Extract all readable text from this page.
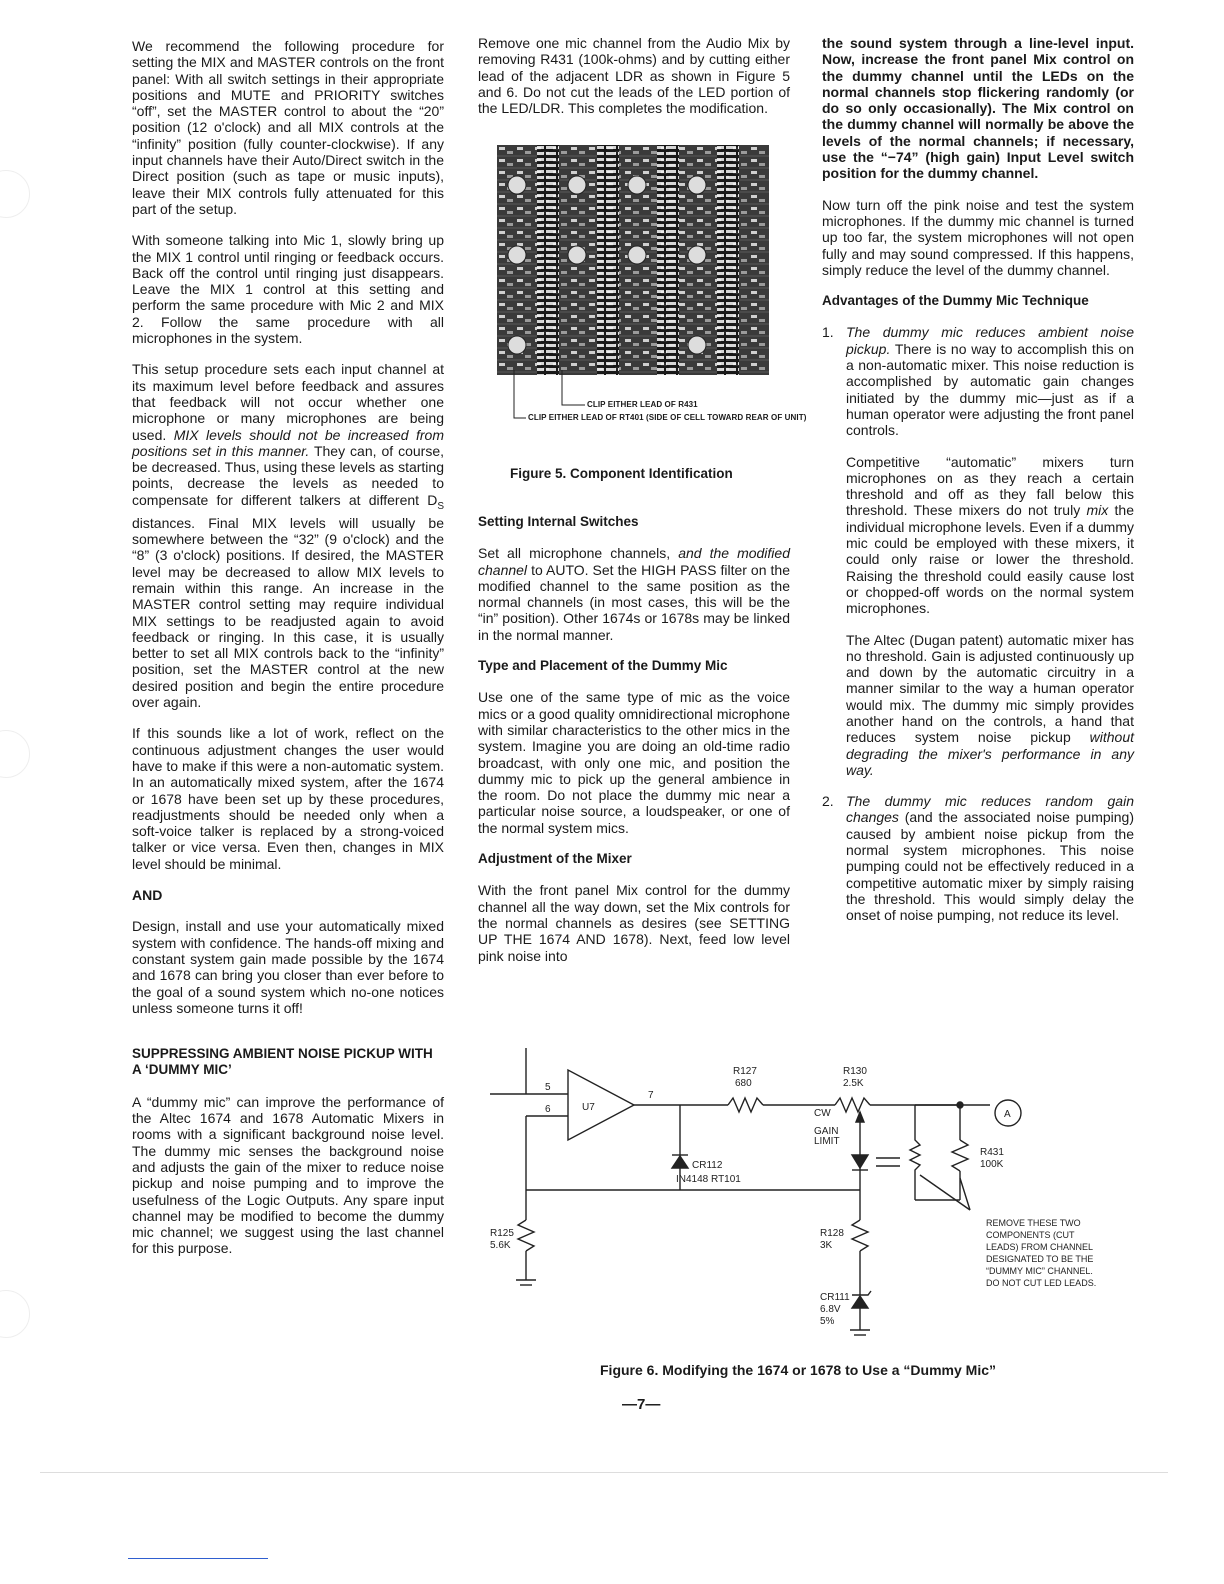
We recommend the following procedure for setting the MIX and MASTER controls on the front panel: With all switch settings in their appropriate positions and MUTE and PRIORITY switches “off”, set the MASTER control to about the “20” position (12 o'clock) and all MIX controls at the “infinity” position (fully counter-clockwise). If any input channels have their Auto/Direct switch in the Direct position (such as tape or music inputs), leave their MIX controls fully attenuated for this part of the setup.

With someone talking into Mic 1, slowly bring up the MIX 1 control until ringing or feedback occurs. Back off the control until ringing just disappears. Leave the MIX 1 control at this setting and perform the same procedure with Mic 2 and MIX 2. Follow the same procedure with all microphones in the system.

This setup procedure sets each input channel at its maximum level before feedback and assures that feedback will not occur whether one microphone or many microphones are being used. MIX levels should not be increased from positions set in this manner. They can, of course, be decreased. Thus, using these levels as starting points, decrease the levels as needed to compensate for different talkers at different $D_S$ distances. Final MIX levels will usually be somewhere between the “32” (9 o'clock) and the “8” (3 o'clock) positions. If desired, the MASTER level may be decreased to allow MIX levels to remain within this range. An increase in the MASTER control setting may require individual MIX settings to be readjusted again to avoid feedback or ringing. In this case, it is usually better to set all MIX controls back to the “infinity” position, set the MASTER control at the new desired position and begin the entire procedure over again.

If this sounds like a lot of work, reflect on the continuous adjustment changes the user would have to make if this were a non-automatic system. In an automatically mixed system, after the 1674 or 1678 have been set up by these procedures, readjustments should be needed only when a soft-voice talker is replaced by a strong-voiced talker or vice versa. Even then, changes in MIX level should be minimal.

AND

Design, install and use your automatically mixed system with confidence. The hands-off mixing and constant system gain made possible by the 1674 and 1678 can bring you closer than ever before to the goal of a sound system which no-one notices unless someone turns it off!

SUPPRESSING AMBIENT NOISE PICKUP WITH A ‘DUMMY MIC’

A “dummy mic” can improve the performance of the Altec 1674 and 1678 Automatic Mixers in rooms with a significant background noise level. The dummy mic senses the background noise and adjusts the gain of the mixer to reduce noise pickup and noise pumping and to improve the usefulness of the Logic Outputs. Any spare input channel may be modified to become the dummy mic channel; we suggest using the last channel for this purpose.

Remove one mic channel from the Audio Mix by removing R431 (100k-ohms) and by cutting either lead of the adjacent LDR as shown in Figure 5 and 6. Do not cut the leads of the LED portion of the LED/LDR. This completes the modification.

CLIP EITHER LEAD OF R431
CLIP EITHER LEAD OF RT401 (SIDE OF CELL TOWARD REAR OF UNIT)
Figure 5. Component Identification

Setting Internal Switches

Set all microphone channels, and the modified channel to AUTO. Set the HIGH PASS filter on the modified channel to the same position as the normal channels (in most cases, this will be the “in” position). Other 1674s or 1678s may be linked in the normal manner.

Type and Placement of the Dummy Mic

Use one of the same type of mic as the voice mics or a good quality omnidirectional microphone with similar characteristics to the other mics in the system. Imagine you are doing an old-time radio broadcast, with only one mic, and position the dummy mic to pick up the general ambience in the room. Do not place the dummy mic near a particular noise source, a loudspeaker, or one of the normal system mics.

Adjustment of the Mixer

With the front panel Mix control for the dummy channel all the way down, set the Mix controls for the normal channels as desires (see SETTING UP THE 1674 AND 1678). Next, feed low level pink noise into

the sound system through a line-level input. Now, increase the front panel Mix control on the dummy channel until the LEDs on the normal channels stop flickering randomly (or do so only occasionally). The Mix control on the dummy channel will normally be above the levels of the normal channels; if necessary, use the “−74” (high gain) Input Level switch position for the dummy channel.

Now turn off the pink noise and test the system microphones. If the dummy mic channel is turned up too far, the system microphones will not open fully and may sound compressed. If this happens, simply reduce the level of the dummy channel.

Advantages of the Dummy Mic Technique

1. The dummy mic reduces ambient noise pickup. There is no way to accomplish this on a non-automatic mixer. This noise reduction is accomplished by automatic gain changes initiated by the dummy mic—just as if a human operator were adjusting the front panel controls.

Competitive “automatic” mixers turn microphones on as they reach a certain threshold and off as they fall below this threshold. These mixers do not truly mix the individual microphone levels. Even if a dummy mic could be employed with these mixers, it could only raise or lower the threshold. Raising the threshold could easily cause lost or chopped-off words on the normal system microphones.

The Altec (Dugan patent) automatic mixer has no threshold. Gain is adjusted continuously up and down by the automatic circuitry in a manner similar to the way a human operator would mix. The dummy mic simply provides another hand on the controls, a hand that reduces system noise pickup without degrading the mixer's performance in any way.

2. The dummy mic reduces random gain changes (and the associated noise pumping) caused by ambient noise pickup from the normal system microphones. This noise pumping could not be effectively reduced in a competitive automatic mixer by simply raising the threshold. This would simply delay the onset of noise pumping, not reduce its level.

5
6	U7
7
R127
680
R130
2.5K
CW
GAIN
LIMIT
CR112
IN4148 RT101
R125
5.6K
R128
3K
CR111
6.8V
5%
R431
100K
A
REMOVE THESE TWO
COMPONENTS (CUT
LEADS) FROM CHANNEL
DESIGNATED TO BE THE
“DUMMY MIC” CHANNEL.
DO NOT CUT LED LEADS.
Figure 6. Modifying the 1674 or 1678 to Use a “Dummy Mic”
—7—
